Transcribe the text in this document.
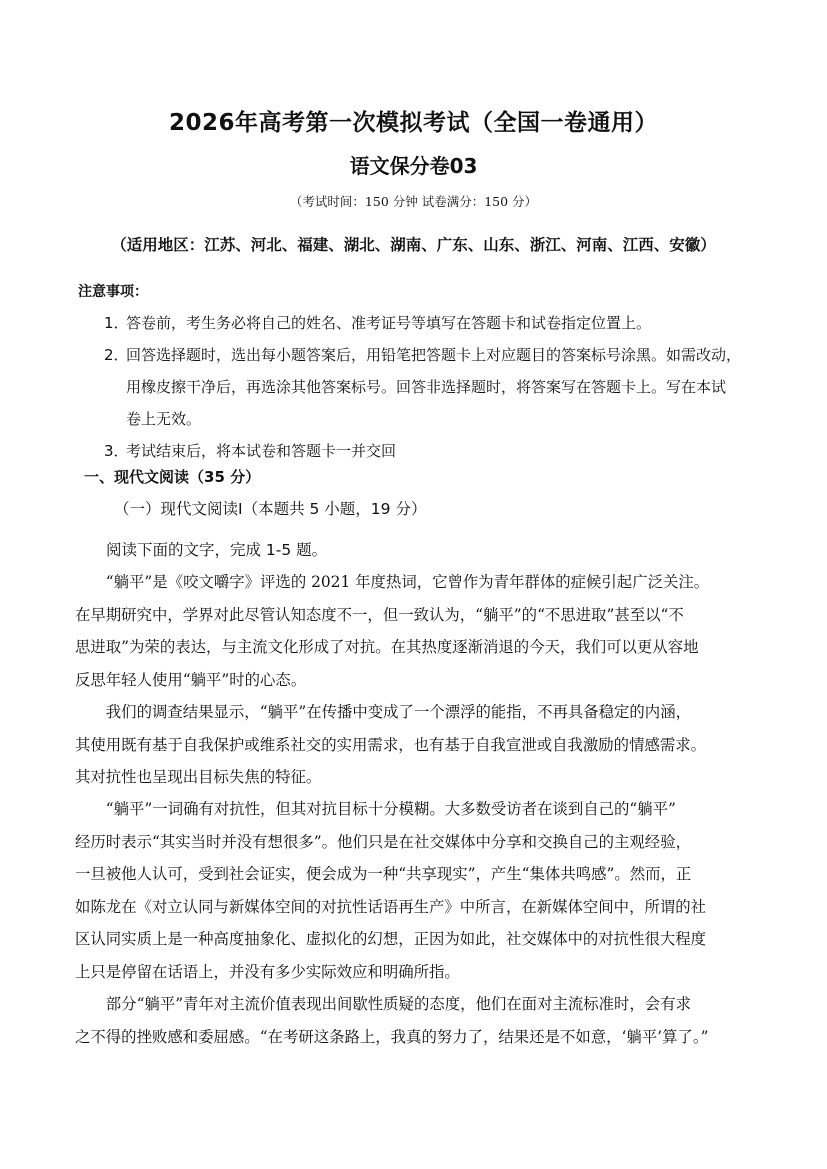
2026年高考第一次模拟考试（全国一卷通用）
语文保分卷03
（考试时间：150 分钟 试卷满分：150 分）
（适用地区：江苏、河北、福建、湖北、湖南、广东、山东、浙江、河南、江西、安徽）
注意事项：
1．答卷前，考生务必将自己的姓名、准考证号等填写在答题卡和试卷指定位置上。
2．回答选择题时，选出每小题答案后，用铅笔把答题卡上对应题目的答案标号涂黑。如需改动，
用橡皮擦干净后，再选涂其他答案标号。回答非选择题时，将答案写在答题卡上。写在本试
卷上无效。
3．考试结束后，将本试卷和答题卡一并交回
一、现代文阅读（35 分）
（一）现代文阅读Ⅰ（本题共 5 小题，19 分）
阅读下面的文字，完成 1-5 题。
　　“躺平”是《咬文嚼字》评选的 2021 年度热词，它曾作为青年群体的症候引起广泛关注。
在早期研究中，学界对此尽管认知态度不一，但一致认为，“躺平”的“不思进取”甚至以“不
思进取”为荣的表达，与主流文化形成了对抗。在其热度逐渐消退的今天，我们可以更从容地
反思年轻人使用“躺平”时的心态。
　　我们的调查结果显示，“躺平”在传播中变成了一个漂浮的能指，不再具备稳定的内涵，
其使用既有基于自我保护或维系社交的实用需求，也有基于自我宣泄或自我激励的情感需求。
其对抗性也呈现出目标失焦的特征。
　　“躺平”一词确有对抗性，但其对抗目标十分模糊。大多数受访者在谈到自己的“躺平”
经历时表示“其实当时并没有想很多”。他们只是在社交媒体中分享和交换自己的主观经验，
一旦被他人认可，受到社会证实，便会成为一种“共享现实”，产生“集体共鸣感”。然而，正
如陈龙在《对立认同与新媒体空间的对抗性话语再生产》中所言，在新媒体空间中，所谓的社
区认同实质上是一种高度抽象化、虚拟化的幻想，正因为如此，社交媒体中的对抗性很大程度
上只是停留在话语上，并没有多少实际效应和明确所指。
　　部分“躺平”青年对主流价值表现出间歇性质疑的态度，他们在面对主流标准时，会有求
之不得的挫败感和委屈感。“在考研这条路上，我真的努力了，结果还是不如意，‘躺平’算了。”
